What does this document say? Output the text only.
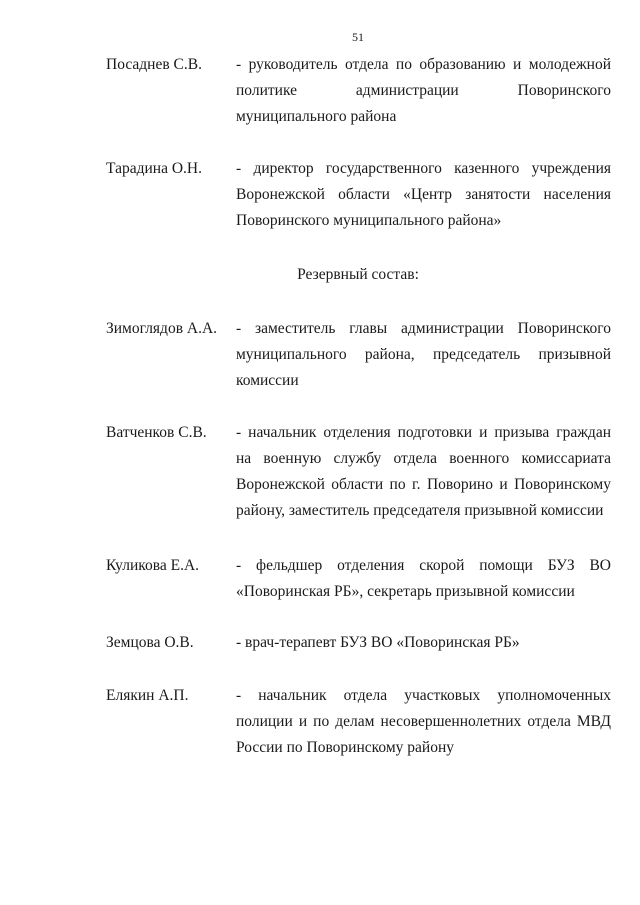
51
Посаднев С.В. - руководитель отдела по образованию и молодежной политике администрации Поворинского муниципального района
Тарадина О.Н. - директор государственного казенного учреждения Воронежской области «Центр занятости населения Поворинского муниципального района»
Резервный состав:
Зимоглядов А.А. - заместитель главы администрации Поворинского муниципального района, председатель призывной комиссии
Ватченков С.В. - начальник отделения подготовки и призыва граждан на военную службу отдела военного комиссариата Воронежской области по г. Поворино и Поворинскому району, заместитель председателя призывной комиссии
Куликова Е.А. - фельдшер отделения скорой помощи БУЗ ВО «Поворинская РБ», секретарь призывной комиссии
Земцова О.В.	- врач-терапевт БУЗ ВО «Поворинская РБ»
Елякин А.П.	- начальник отдела участковых уполномоченных полиции и по делам несовершеннолетних отдела МВД России по Поворинскому району
